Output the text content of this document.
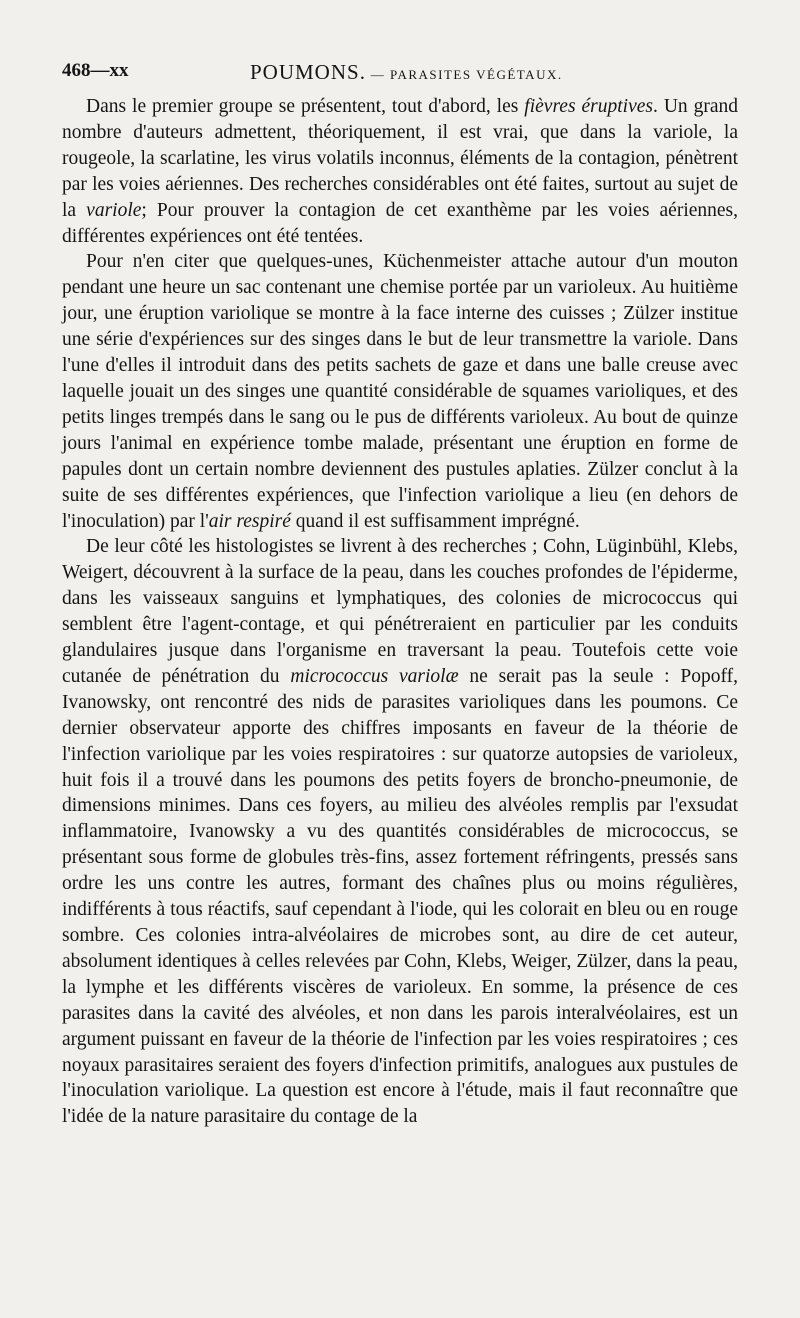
468—xx	POUMONS. — PARASITES VÉGÉTAUX.

Dans le premier groupe se présentent, tout d'abord, les fièvres éruptives. Un grand nombre d'auteurs admettent, théoriquement, il est vrai, que dans la variole, la rougeole, la scarlatine, les virus volatils inconnus, éléments de la contagion, pénètrent par les voies aériennes. Des recherches considérables ont été faites, surtout au sujet de la variole; Pour prouver la contagion de cet exanthème par les voies aériennes, différentes expériences ont été tentées.

Pour n'en citer que quelques-unes, Küchenmeister attache autour d'un mouton pendant une heure un sac contenant une chemise portée par un varioleux. Au huitième jour, une éruption variolique se montre à la face interne des cuisses ; Zülzer institue une série d'expériences sur des singes dans le but de leur transmettre la variole. Dans l'une d'elles il introduit dans des petits sachets de gaze et dans une balle creuse avec laquelle jouait un des singes une quantité considérable de squames varioliques, et des petits linges trempés dans le sang ou le pus de différents varioleux. Au bout de quinze jours l'animal en expérience tombe malade, présentant une éruption en forme de papules dont un certain nombre deviennent des pustules aplaties. Zülzer conclut à la suite de ses différentes expériences, que l'infection variolique a lieu (en dehors de l'inoculation) par l'air respiré quand il est suffisamment imprégné.

De leur côté les histologistes se livrent à des recherches ; Cohn, Lüginbühl, Klebs, Weigert, découvrent à la surface de la peau, dans les couches profondes de l'épiderme, dans les vaisseaux sanguins et lymphatiques, des colonies de micrococcus qui semblent être l'agent-contage, et qui pénétreraient en particulier par les conduits glandulaires jusque dans l'organisme en traversant la peau. Toutefois cette voie cutanée de pénétration du micrococcus variolæ ne serait pas la seule : Popoff, Ivanowsky, ont rencontré des nids de parasites varioliques dans les poumons. Ce dernier observateur apporte des chiffres imposants en faveur de la théorie de l'infection variolique par les voies respiratoires : sur quatorze autopsies de varioleux, huit fois il a trouvé dans les poumons des petits foyers de broncho-pneumonie, de dimensions minimes. Dans ces foyers, au milieu des alvéoles remplis par l'exsudat inflammatoire, Ivanowsky a vu des quantités considérables de micrococcus, se présentant sous forme de globules très-fins, assez fortement réfringents, pressés sans ordre les uns contre les autres, formant des chaînes plus ou moins régulières, indifférents à tous réactifs, sauf cependant à l'iode, qui les colorait en bleu ou en rouge sombre. Ces colonies intra-alvéolaires de microbes sont, au dire de cet auteur, absolument identiques à celles relevées par Cohn, Klebs, Weiger, Zülzer, dans la peau, la lymphe et les différents viscères de varioleux. En somme, la présence de ces parasites dans la cavité des alvéoles, et non dans les parois interalvéolaires, est un argument puissant en faveur de la théorie de l'infection par les voies respiratoires ; ces noyaux parasitaires seraient des foyers d'infection primitifs, analogues aux pustules de l'inoculation variolique. La question est encore à l'étude, mais il faut reconnaître que l'idée de la nature parasitaire du contage de la
